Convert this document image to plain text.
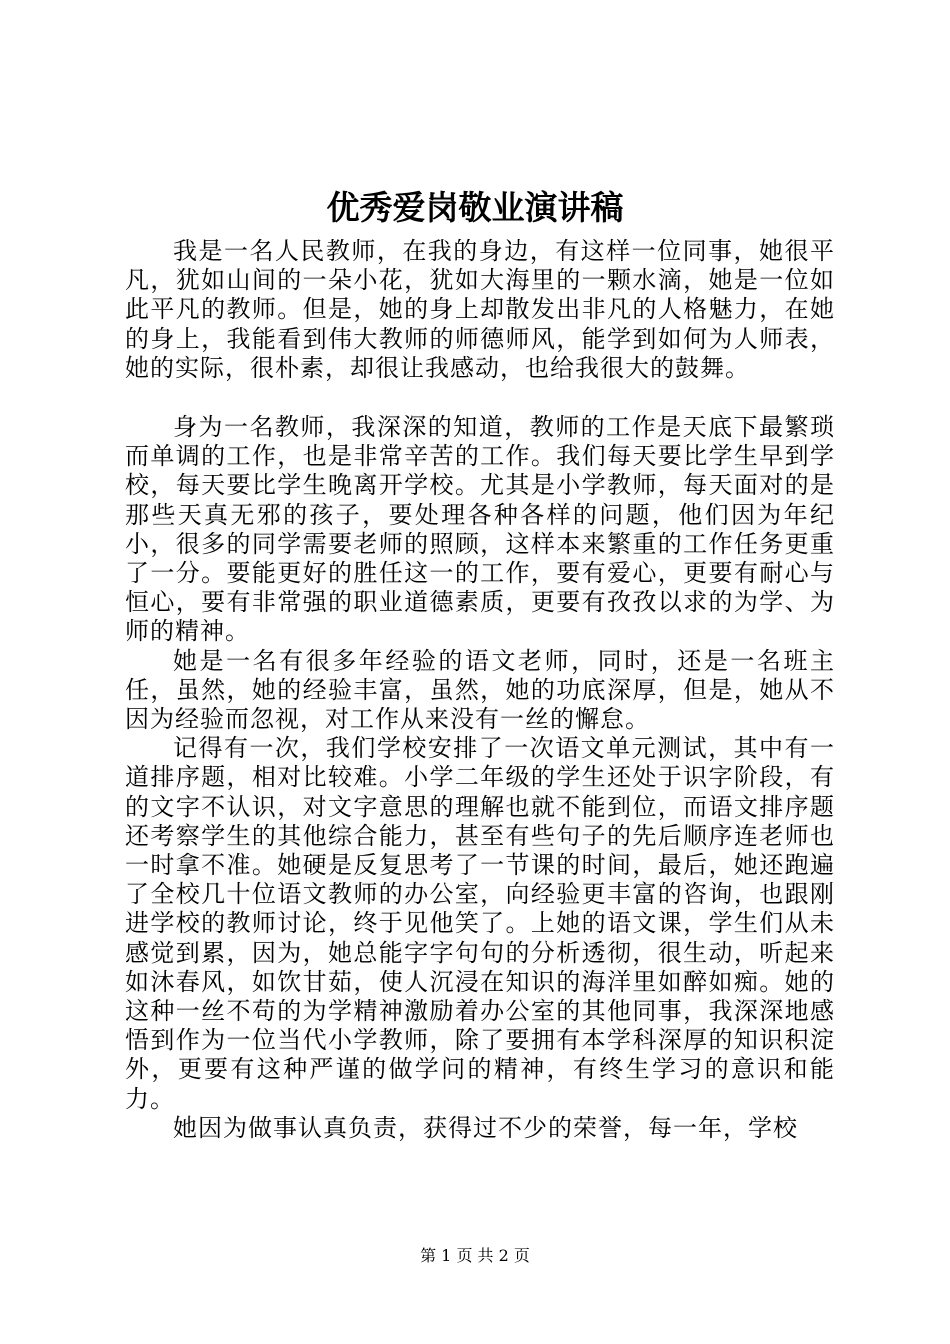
优秀爱岗敬业演讲稿

我是一名人民教师，在我的身边，有这样一位同事，她很平凡，犹如山间的一朵小花，犹如大海里的一颗水滴，她是一位如此平凡的教师。但是，她的身上却散发出非凡的人格魅力，在她的身上，我能看到伟大教师的师德师风，能学到如何为人师表，她的实际，很朴素，却很让我感动，也给我很大的鼓舞。

身为一名教师，我深深的知道，教师的工作是天底下最繁琐而单调的工作，也是非常辛苦的工作。我们每天要比学生早到学校，每天要比学生晚离开学校。尤其是小学教师，每天面对的是那些天真无邪的孩子，要处理各种各样的问题，他们因为年纪小，很多的同学需要老师的照顾，这样本来繁重的工作任务更重了一分。要能更好的胜任这一的工作，要有爱心，更要有耐心与恒心，要有非常强的职业道德素质，更要有孜孜以求的为学、为师的精神。

她是一名有很多年经验的语文老师，同时，还是一名班主任，虽然，她的经验丰富，虽然，她的功底深厚，但是，她从不因为经验而忽视，对工作从来没有一丝的懈怠。

记得有一次，我们学校安排了一次语文单元测试，其中有一道排序题，相对比较难。小学二年级的学生还处于识字阶段，有的文字不认识，对文字意思的理解也就不能到位，而语文排序题还考察学生的其他综合能力，甚至有些句子的先后顺序连老师也一时拿不准。她硬是反复思考了一节课的时间，最后，她还跑遍了全校几十位语文教师的办公室，向经验更丰富的咨询，也跟刚进学校的教师讨论，终于见他笑了。上她的语文课，学生们从未感觉到累，因为，她总能字字句句的分析透彻，很生动，听起来如沐春风，如饮甘茹，使人沉浸在知识的海洋里如醉如痴。她的这种一丝不苟的为学精神激励着办公室的其他同事，我深深地感悟到作为一位当代小学教师，除了要拥有本学科深厚的知识积淀外，更要有这种严谨的做学问的精神，有终生学习的意识和能力。

她因为做事认真负责，获得过不少的荣誉，每一年，学校

第 1 页 共 2 页
